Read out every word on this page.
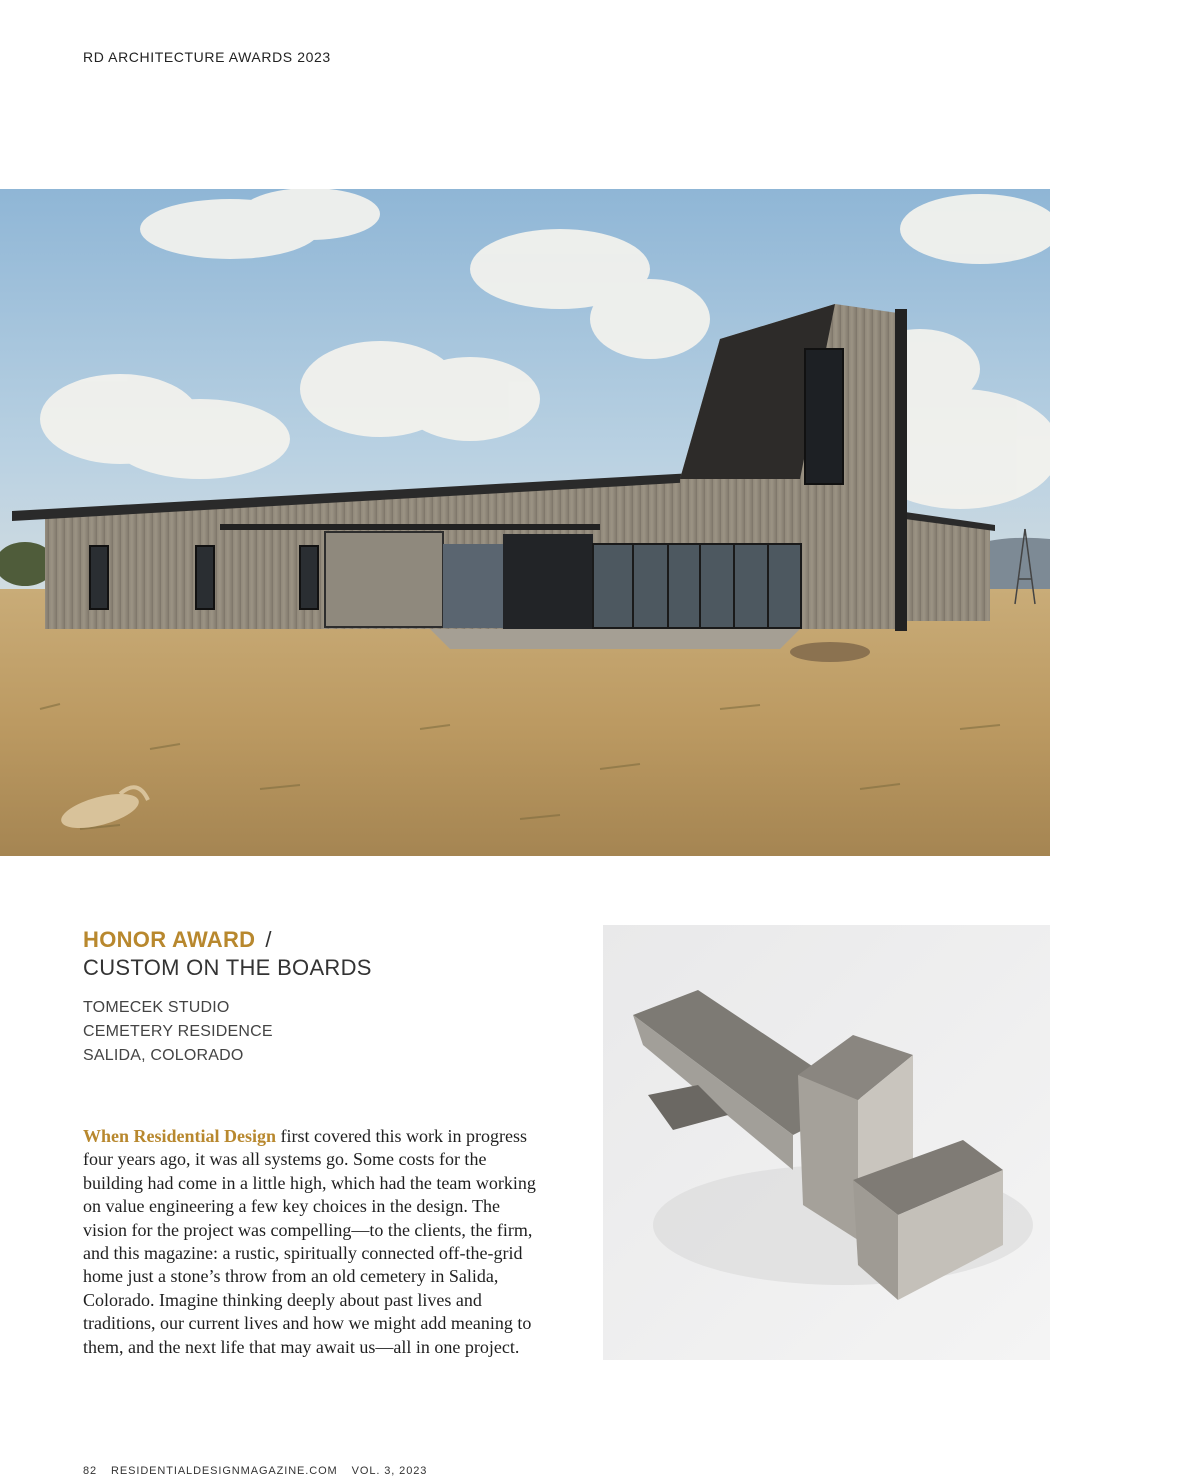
RD ARCHITECTURE AWARDS 2023
HONOR AWARD /
CUSTOM ON THE BOARDS
TOMECEK STUDIO
CEMETERY RESIDENCE
SALIDA, COLORADO
When Residential Design first covered this work in progress four years ago, it was all systems go. Some costs for the building had come in a little high, which had the team working on value engineering a few key choices in the design. The vision for the project was compelling—to the clients, the firm, and this magazine: a rustic, spiritually connected off-the-grid home just a stone’s throw from an old cemetery in Salida, Colorado. Imagine thinking deeply about past lives and traditions, our current lives and how we might add meaning to them, and the next life that may await us—all in one project.
82 RESIDENTIALDESIGNMAGAZINE.COM VOL. 3, 2023
